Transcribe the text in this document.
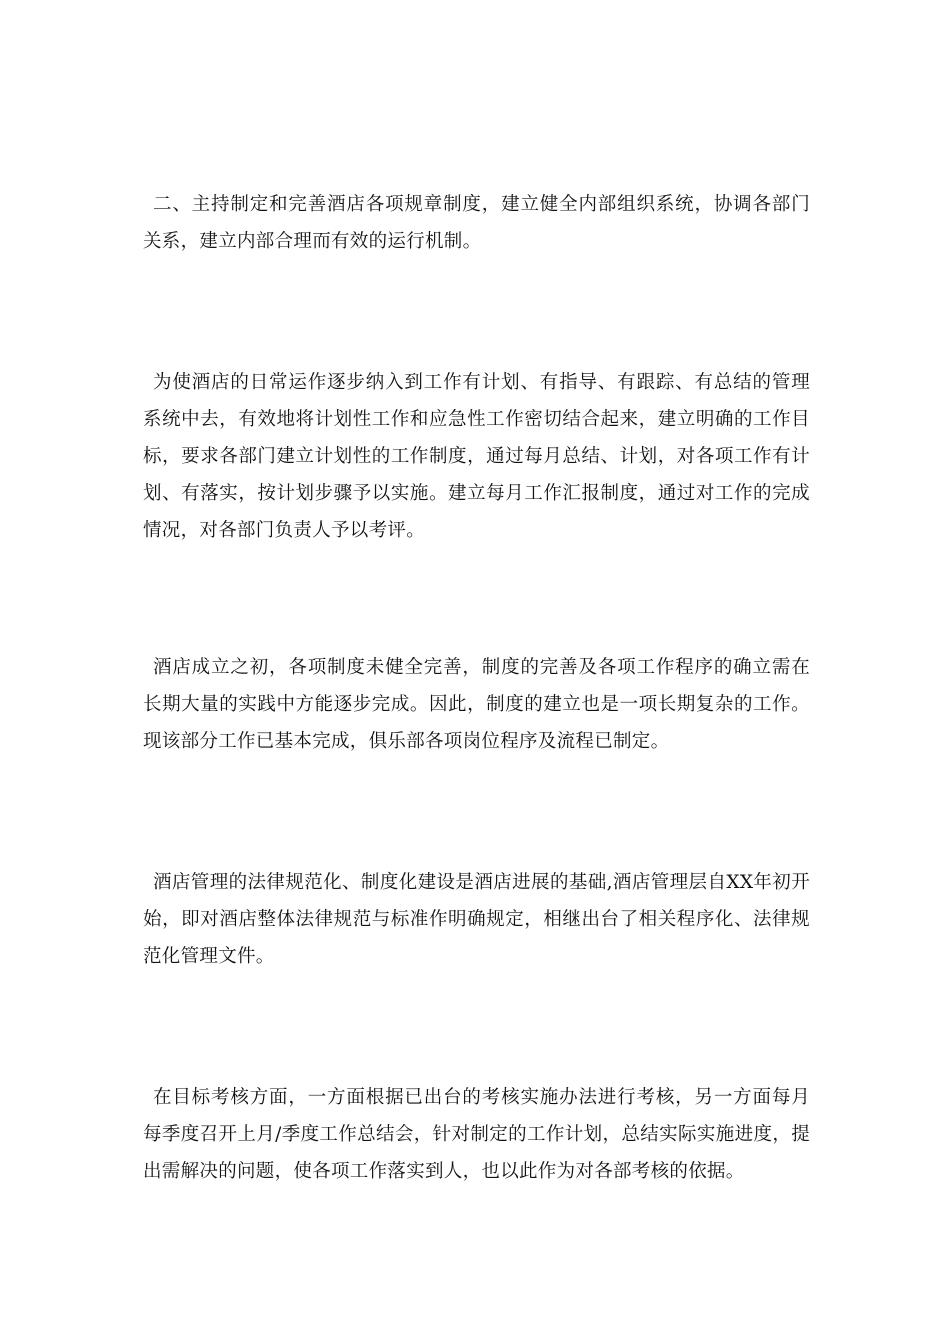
二、主持制定和完善酒店各项规章制度，建立健全内部组织系统，协调各部门关系，建立内部合理而有效的运行机制。

为使酒店的日常运作逐步纳入到工作有计划、有指导、有跟踪、有总结的管理系统中去，有效地将计划性工作和应急性工作密切结合起来，建立明确的工作目标，要求各部门建立计划性的工作制度，通过每月总结、计划，对各项工作有计划、有落实，按计划步骤予以实施。建立每月工作汇报制度，通过对工作的完成情况，对各部门负责人予以考评。

酒店成立之初，各项制度未健全完善，制度的完善及各项工作程序的确立需在长期大量的实践中方能逐步完成。因此，制度的建立也是一项长期复杂的工作。现该部分工作已基本完成，俱乐部各项岗位程序及流程已制定。

酒店管理的法律规范化、制度化建设是酒店进展的基础,酒店管理层自XX年初开始，即对酒店整体法律规范与标准作明确规定，相继出台了相关程序化、法律规范化管理文件。

在目标考核方面，一方面根据已出台的考核实施办法进行考核，另一方面每月每季度召开上月/季度工作总结会，针对制定的工作计划，总结实际实施进度，提出需解决的问题，使各项工作落实到人，也以此作为对各部考核的依据。
